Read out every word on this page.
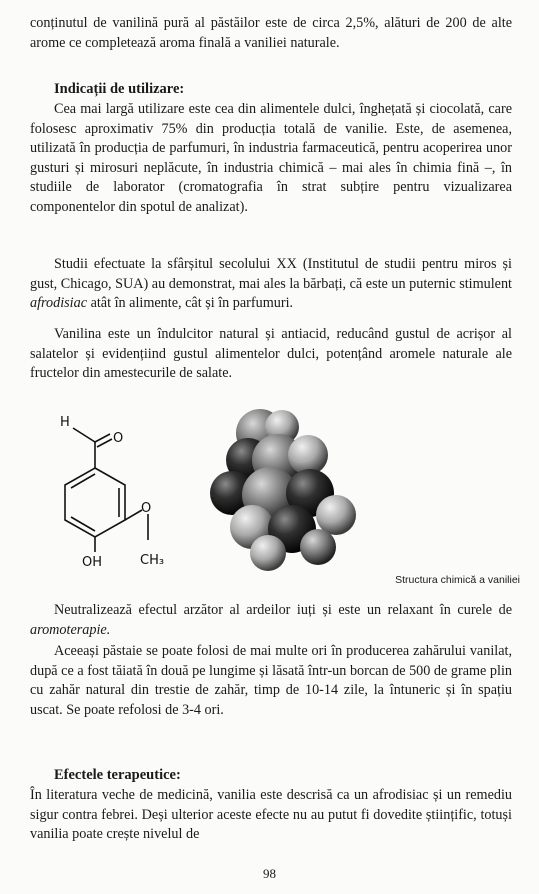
conținutul de vanilină pură al păstăilor este de circa 2,5%, alături de 200 de alte arome ce completează aroma finală a vaniliei naturale.

Indicații de utilizare:

Cea mai largă utilizare este cea din alimentele dulci, înghețată și ciocolată, care folosesc aproximativ 75% din producția totală de vanilie. Este, de asemenea, utilizată în producția de parfumuri, în industria farmaceutică, pentru acoperirea unor gusturi și mirosuri neplăcute, în industria chimică – mai ales în chimia fină –, în studiile de laborator (cromatografia în strat subțire pentru vizualizarea componentelor din spotul de analizat).

Studii efectuate la sfârșitul secolului XX (Institutul de studii pentru miros și gust, Chicago, SUA) au demonstrat, mai ales la bărbați, că este un puternic stimulent afrodisiac atât în alimente, cât și în parfumuri.

Vanilina este un îndulcitor natural și antiacid, reducând gustul de acrișor al salatelor și evidențiind gustul alimentelor dulci, potențând aromele naturale ale fructelor din amestecurile de salate.

H
O
O
OH	CH₃
Structura chimică a vaniliei

Neutralizează efectul arzător al ardeilor iuți și este un relaxant în curele de aromoterapie.

Aceeași păstaie se poate folosi de mai multe ori în producerea zahărului vanilat, după ce a fost tăiată în două pe lungime și lăsată într-un borcan de 500 de grame plin cu zahăr natural din trestie de zahăr, timp de 10-14 zile, la întuneric și în spațiu uscat. Se poate refolosi de 3-4 ori.

Efectele terapeutice:

În literatura veche de medicină, vanilia este descrisă ca un afrodisiac și un remediu sigur contra febrei. Deși ulterior aceste efecte nu au putut fi dovedite științific, totuși vanilia poate crește nivelul de

98
